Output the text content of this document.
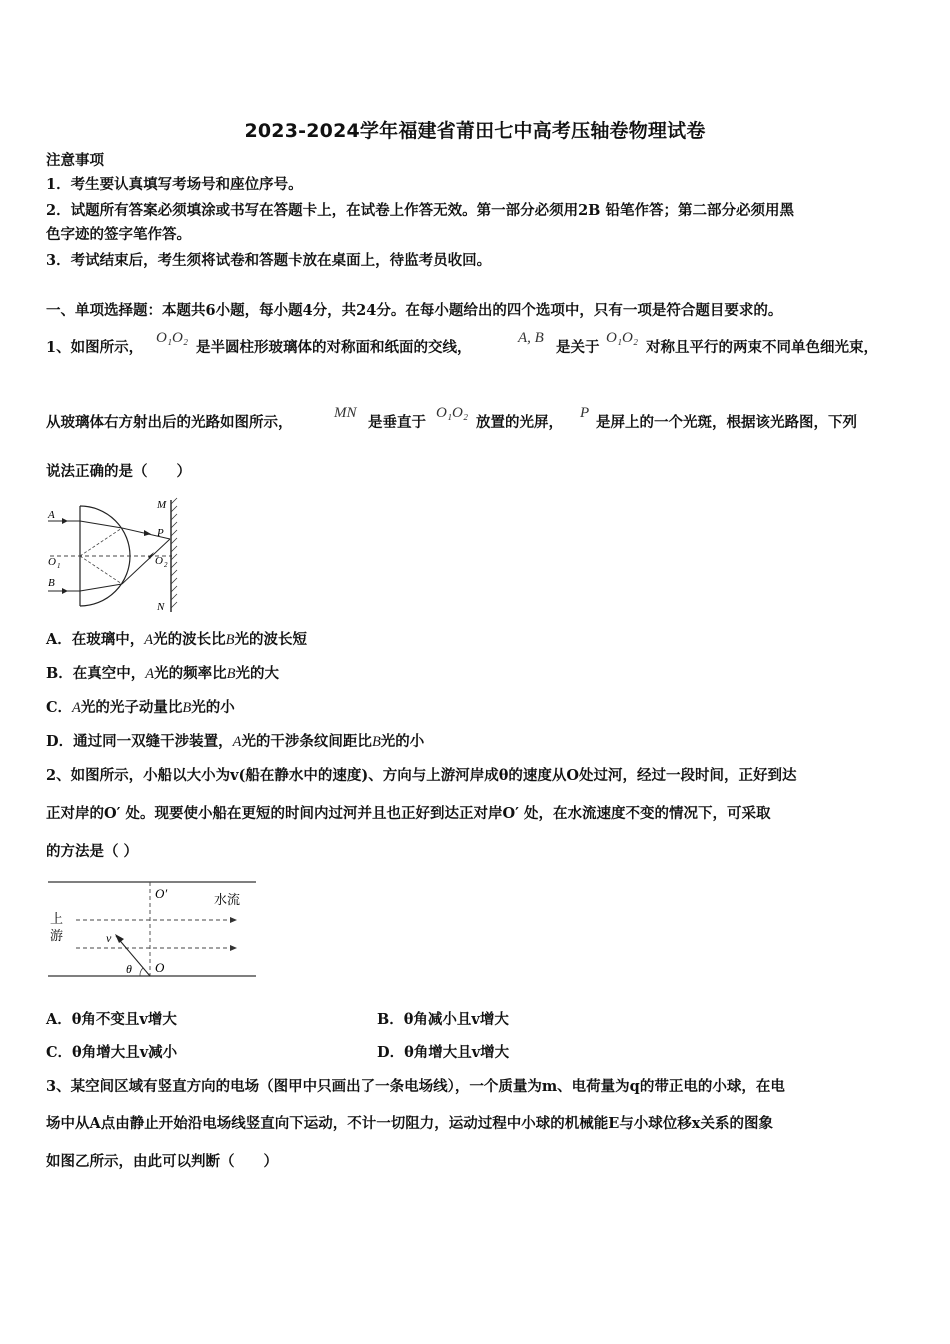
2023-2024学年福建省莆田七中高考压轴卷物理试卷
注意事项
1．考生要认真填写考场号和座位序号。
2．试题所有答案必须填涂或书写在答题卡上，在试卷上作答无效。第一部分必须用2B 铅笔作答；第二部分必须用黑
色字迹的签字笔作答。
3．考试结束后，考生须将试卷和答题卡放在桌面上，待监考员收回。
一、单项选择题：本题共6小题，每小题4分，共24分。在每小题给出的四个选项中，只有一项是符合题目要求的。
1、如图所示，
O₁O₂
是半圆柱形玻璃体的对称面和纸面的交线，
A, B
是关于
O₁O₂
对称且平行的两束不同单色细光束，
从玻璃体右方射出后的光路如图所示，
MN
是垂直于
O₁O₂
放置的光屏，
P
是屏上的一个光斑，根据该光路图，下列
说法正确的是（　　）
A
B
O 1	O 2
M
P
N
A．在玻璃中，A光的波长比B光的波长短
B．在真空中，A光的频率比B光的大
C．A光的光子动量比B光的小
D．通过同一双缝干涉装置，A光的干涉条纹间距比B光的小
2、如图所示，小船以大小为v(船在静水中的速度)、方向与上游河岸成θ的速度从O处过河，经过一段时间，正好到达
正对岸的O′ 处。现要使小船在更短的时间内过河并且也正好到达正对岸O′ 处，在水流速度不变的情况下，可采取
的方法是（ ）
O′
O
水流
上
游	v
θ
A．θ角不变且v增大	B．θ角减小且v增大
C．θ角增大且v减小	D．θ角增大且v增大
3、某空间区域有竖直方向的电场（图甲中只画出了一条电场线），一个质量为m、电荷量为q的带正电的小球，在电
场中从A点由静止开始沿电场线竖直向下运动，不计一切阻力，运动过程中小球的机械能E与小球位移x关系的图象
如图乙所示，由此可以判断（　　）
